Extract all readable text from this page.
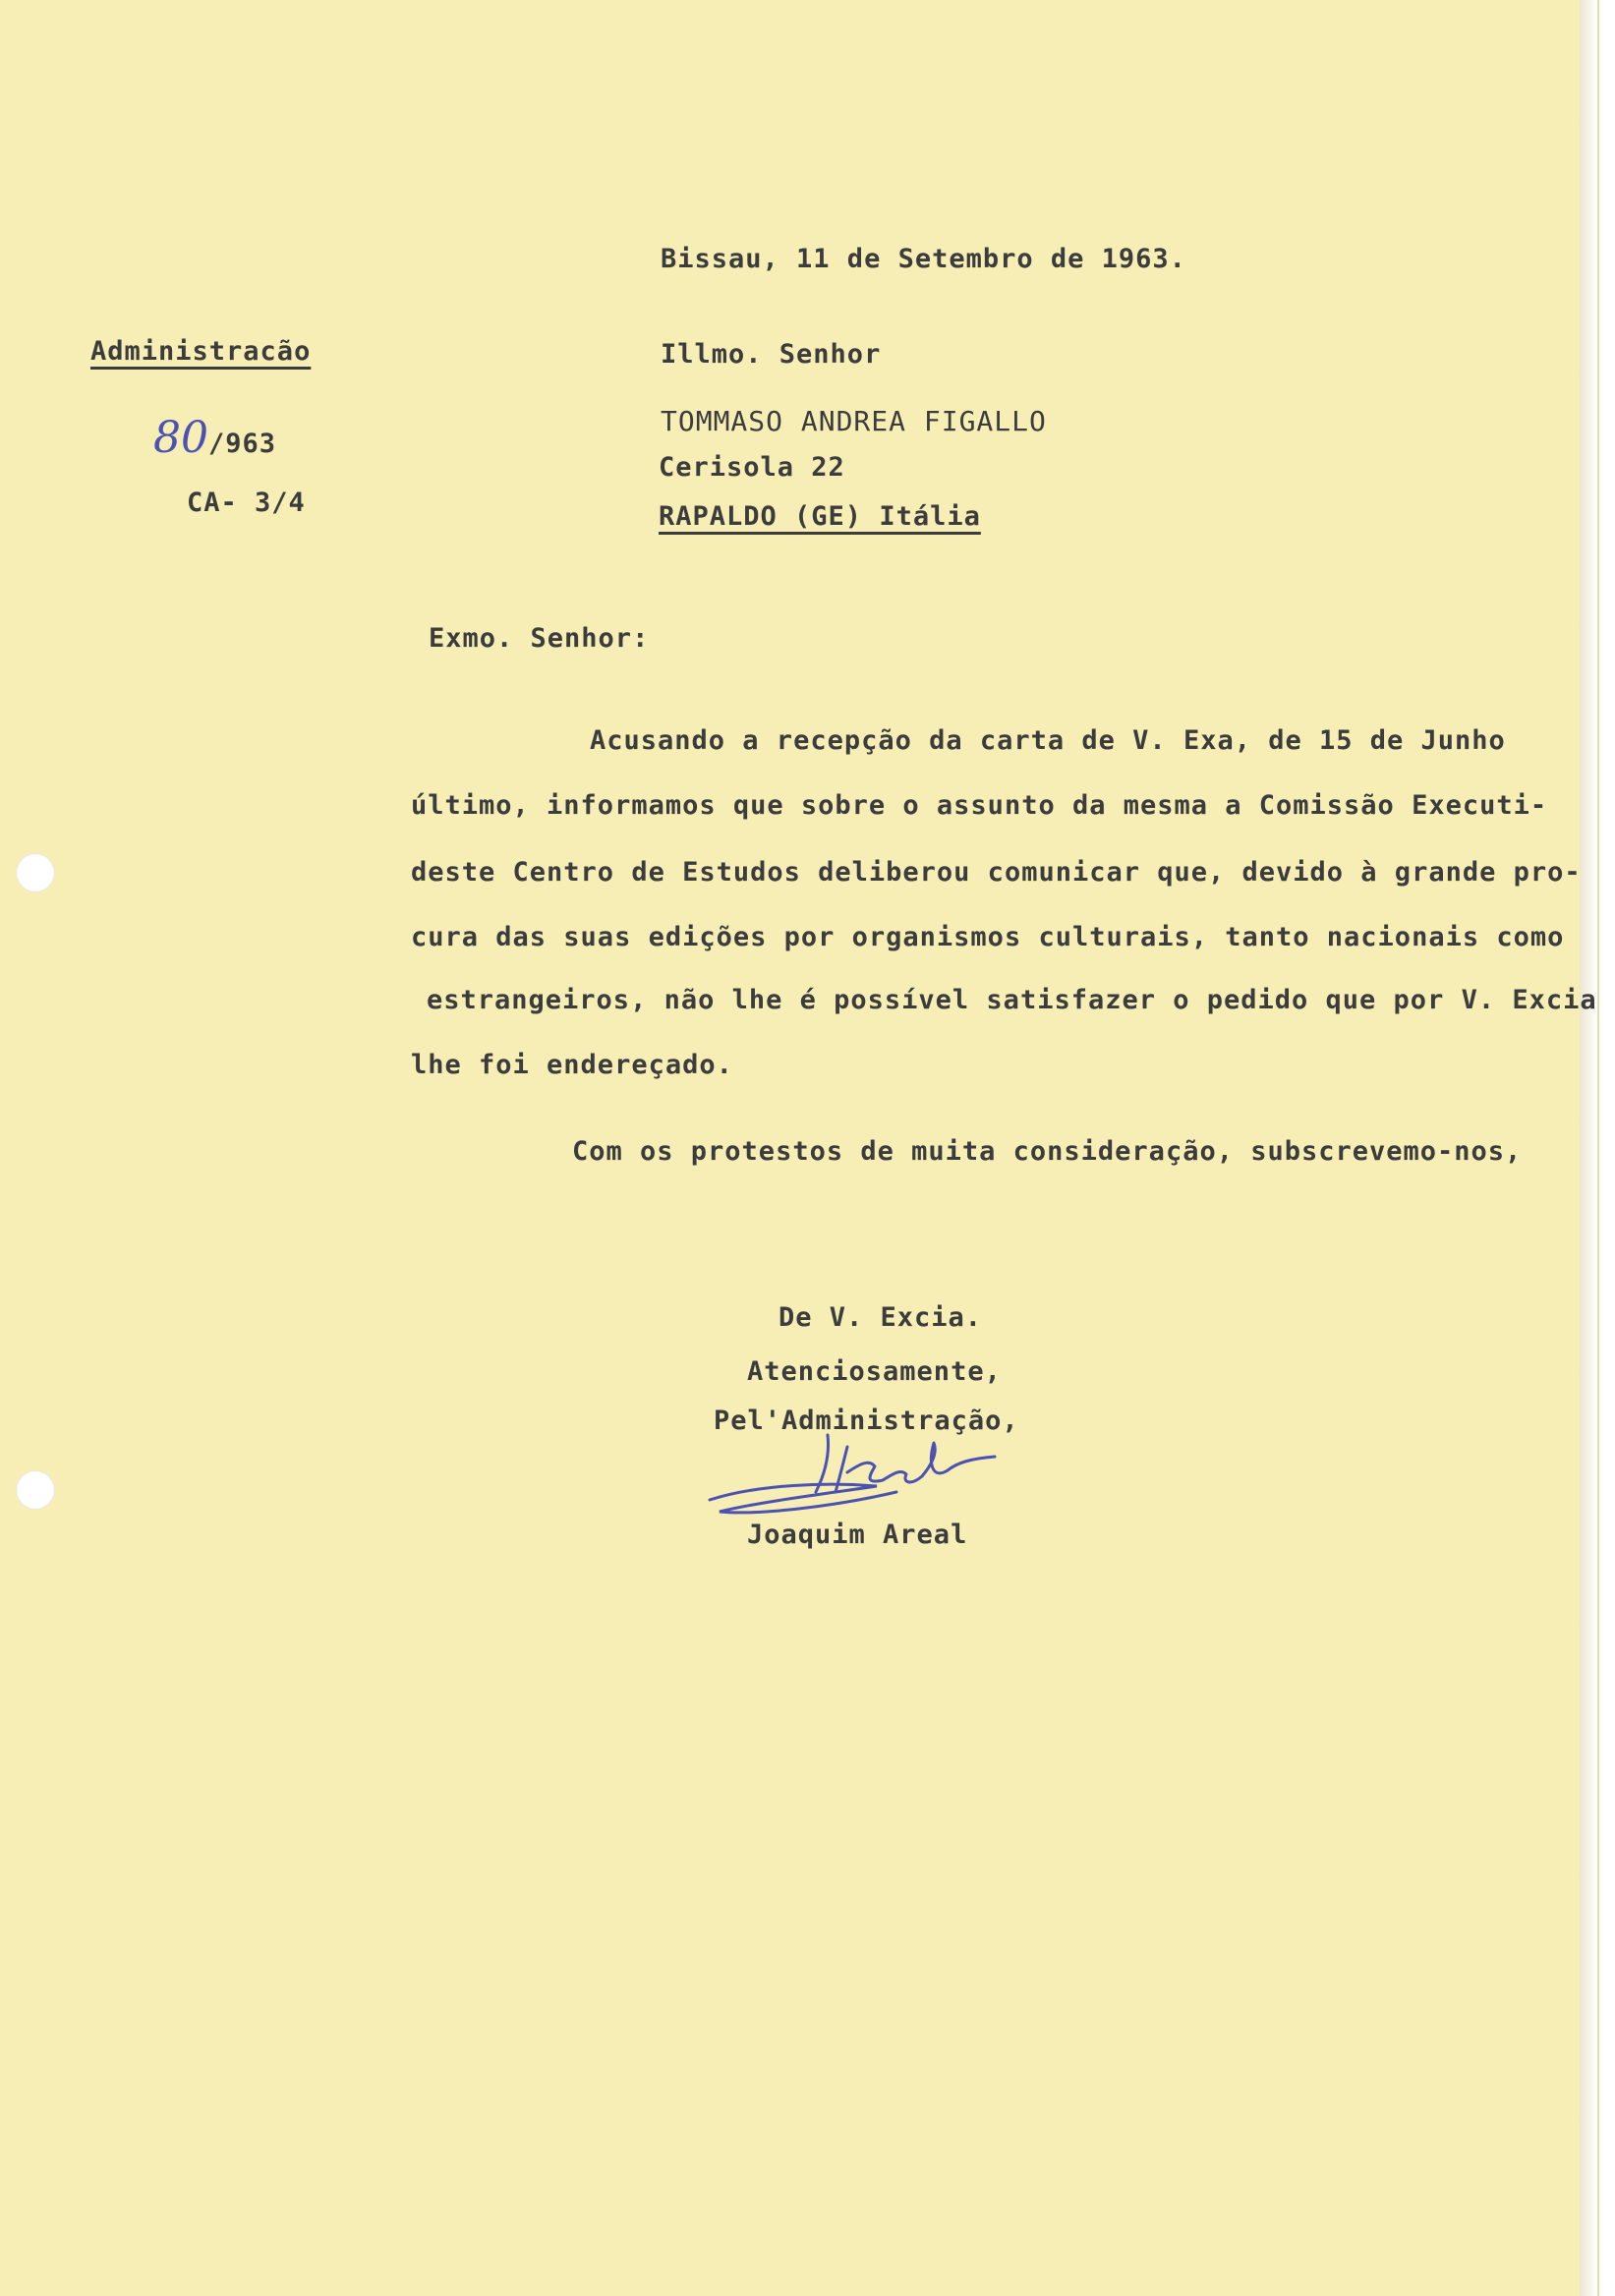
Bissau, 11 de Setembro de 1963.
Administracão
80/963
CA- 3/4
Illmo. Senhor
TOMMASO ANDREA FIGALLO
Cerisola 22
RAPALDO (GE) Itália
Exmo. Senhor:
Acusando a recepção da carta de V. Exa, de 15 de Junho
último, informamos que sobre o assunto da mesma a Comissão Executi-
deste Centro de Estudos deliberou comunicar que, devido à grande pro-
cura das suas edições por organismos culturais, tanto nacionais como
estrangeiros, não lhe é possível satisfazer o pedido que por V. Excia
lhe foi endereçado.
Com os protestos de muita consideração, subscrevemo-nos,
De V. Excia.
Atenciosamente,
Pel'Administração,
Joaquim Areal
